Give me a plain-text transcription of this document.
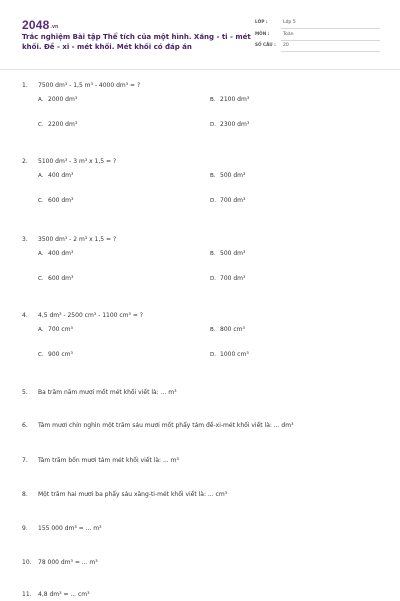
$2048^{.vn}$
Trắc nghiệm Bài tập Thể tích của một hình. Xăng - ti - mét
khối. Đề - xi - mét khối. Mét khối có đáp án
LỚP :	Lớp 5
MÔN :	Toán
SỐ CÂU :	20
1. 7500 dm³ - 1,5 m³ - 4000 dm³ = ?
A. 2000 dm³	B. 2100 dm³
C. 2200 dm³	D. 2300 dm³
2. 5100 dm³ - 3 m³ x 1,5 = ?
A. 400 dm³	B. 500 dm³
C. 600 dm³	D. 700 dm³
3. 3500 dm³ - 2 m³ x 1,5 = ?
A. 400 dm³	B. 500 dm³
C. 600 dm³	D. 700 dm³
4. 4,5 dm³ - 2500 cm³ - 1100 cm³ = ?
A. 700 cm³	B. 800 cm³
C. 900 cm³	D. 1000 cm³
5. Ba trăm năm mươi mốt mét khối viết là: ... m³
6. Tám mươi chín nghìn một trăm sáu mươi mốt phẩy tám đề-xi-mét khối viết là: ... dm³
7. Tám trăm bốn mươi tám mét khối viết là: ... m³
8. Một trăm hai mươi ba phẩy sáu xăng-ti-mét khối viết là: ... cm³
9. 155 000 dm³ = ... m³
10. 78 000 dm³ = ... m³
11. 4,8 dm³ = ... cm³
